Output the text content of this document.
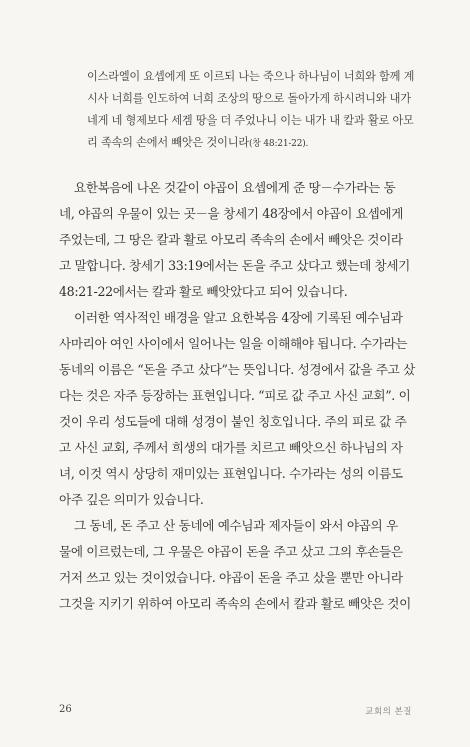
이스라엘이 요셉에게 또 이르되 나는 죽으나 하나님이 너희와 함께 계
시사 너희를 인도하여 너희 조상의 땅으로 돌아가게 하시려니와 내가
네게 네 형제보다 세겜 땅을 더 주었나니 이는 내가 내 칼과 활로 아모
리 족속의 손에서 빼앗은 것이니라(창 48:21-22).
요한복음에 나온 것같이 야곱이 요셉에게 준 땅－수가라는 동
네, 야곱의 우물이 있는 곳－을 창세기 48장에서 야곱이 요셉에게
주었는데, 그 땅은 칼과 활로 아모리 족속의 손에서 빼앗은 것이라
고 말합니다. 창세기 33:19에서는 돈을 주고 샀다고 했는데 창세기
48:21-22에서는 칼과 활로 빼앗았다고 되어 있습니다.
이러한 역사적인 배경을 알고 요한복음 4장에 기록된 예수님과
사마리아 여인 사이에서 일어나는 일을 이해해야 됩니다. 수가라는
동네의 이름은 “돈을 주고 샀다”는 뜻입니다. 성경에서 값을 주고 샀
다는 것은 자주 등장하는 표현입니다. “피로 값 주고 사신 교회”. 이
것이 우리 성도들에 대해 성경이 붙인 칭호입니다. 주의 피로 값 주
고 사신 교회, 주께서 희생의 대가를 치르고 빼앗으신 하나님의 자
녀, 이것 역시 상당히 재미있는 표현입니다. 수가라는 성의 이름도
아주 깊은 의미가 있습니다.
그 동네, 돈 주고 산 동네에 예수님과 제자들이 와서 야곱의 우
물에 이르렀는데, 그 우물은 야곱이 돈을 주고 샀고 그의 후손들은
거저 쓰고 있는 것이었습니다. 야곱이 돈을 주고 샀을 뿐만 아니라
그것을 지키기 위하여 아모리 족속의 손에서 칼과 활로 빼앗은 것이
26	교회의 본질
